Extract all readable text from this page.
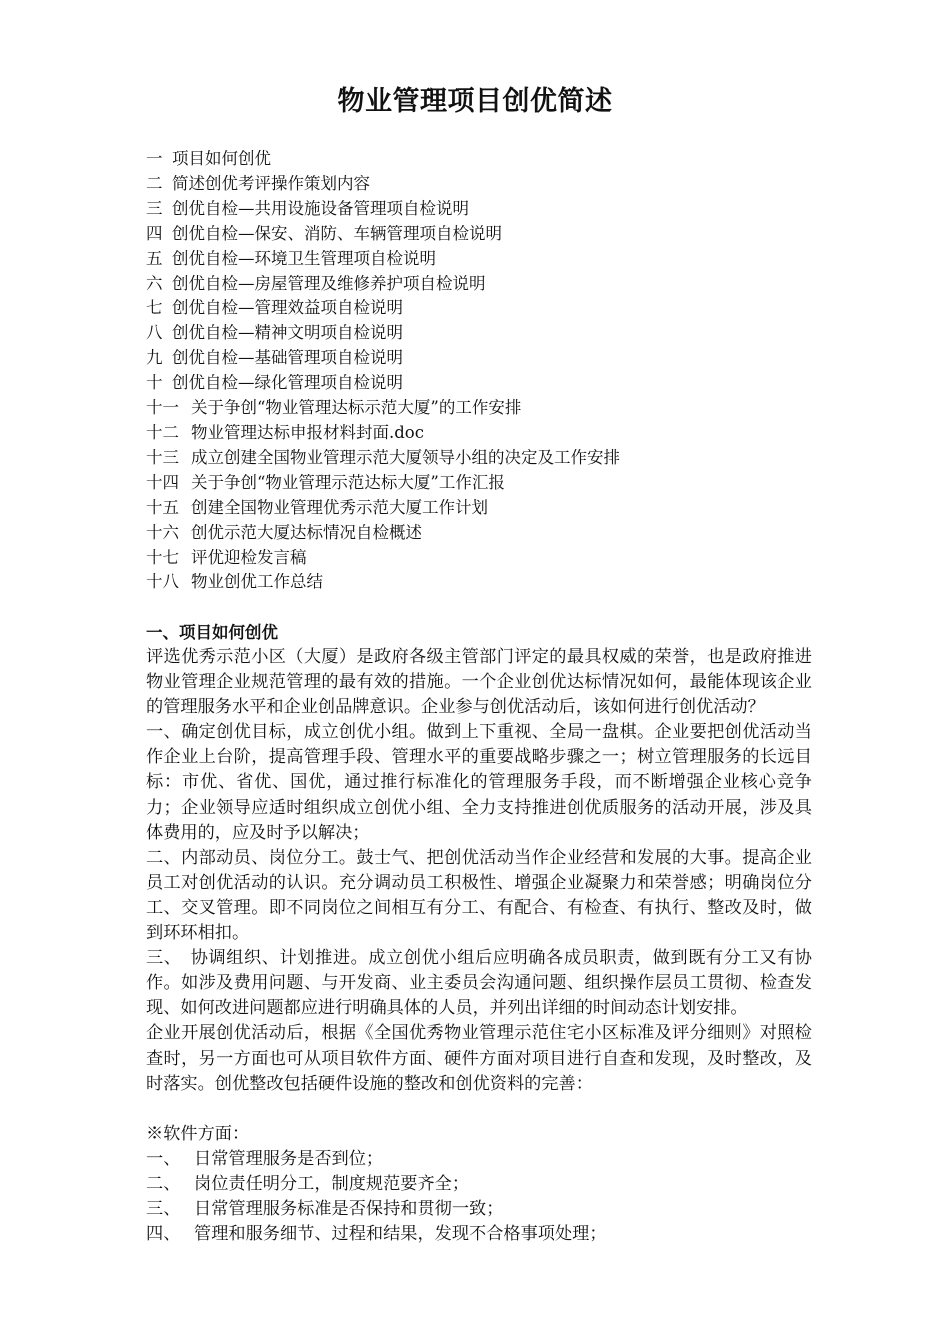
物业管理项目创优简述
一 项目如何创优
二 简述创优考评操作策划内容
三 创优自检—共用设施设备管理项自检说明
四 创优自检—保安、消防、车辆管理项自检说明
五 创优自检—环境卫生管理项自检说明
六 创优自检—房屋管理及维修养护项自检说明
七 创优自检—管理效益项自检说明
八 创优自检—精神文明项自检说明
九 创优自检—基础管理项自检说明
十 创优自检—绿化管理项自检说明
十一 关于争创“物业管理达标示范大厦”的工作安排
十二 物业管理达标申报材料封面.doc
十三 成立创建全国物业管理示范大厦领导小组的决定及工作安排
十四 关于争创“物业管理示范达标大厦”工作汇报
十五 创建全国物业管理优秀示范大厦工作计划
十六 创优示范大厦达标情况自检概述
十七 评优迎检发言稿
十八 物业创优工作总结
一、项目如何创优

评选优秀示范小区（大厦）是政府各级主管部门评定的最具权威的荣誉，也是政府推进物业管理企业规范管理的最有效的措施。一个企业创优达标情况如何，最能体现该企业的管理服务水平和企业创品牌意识。企业参与创优活动后，该如何进行创优活动？

一、确定创优目标，成立创优小组。做到上下重视、全局一盘棋。企业要把创优活动当作企业上台阶，提高管理手段、管理水平的重要战略步骤之一；树立管理服务的长远目标：市优、省优、国优，通过推行标准化的管理服务手段，而不断增强企业核心竞争力；企业领导应适时组织成立创优小组、全力支持推进创优质服务的活动开展，涉及具体费用的，应及时予以解决；

二、内部动员、岗位分工。鼓士气、把创优活动当作企业经营和发展的大事。提高企业员工对创优活动的认识。充分调动员工积极性、增强企业凝聚力和荣誉感；明确岗位分工、交叉管理。即不同岗位之间相互有分工、有配合、有检查、有执行、整改及时，做到环环相扣。

三、　协调组织、计划推进。成立创优小组后应明确各成员职责，做到既有分工又有协作。如涉及费用问题、与开发商、业主委员会沟通问题、组织操作层员工贯彻、检查发现、如何改进问题都应进行明确具体的人员，并列出详细的时间动态计划安排。

企业开展创优活动后，根据《全国优秀物业管理示范住宅小区标准及评分细则》对照检查时，另一方面也可从项目软件方面、硬件方面对项目进行自查和发现，及时整改，及时落实。创优整改包括硬件设施的整改和创优资料的完善：

※软件方面：

一、 日常管理服务是否到位；

二、 岗位责任明分工，制度规范要齐全；

三、 日常管理服务标准是否保持和贯彻一致；

四、 管理和服务细节、过程和结果，发现不合格事项处理；
